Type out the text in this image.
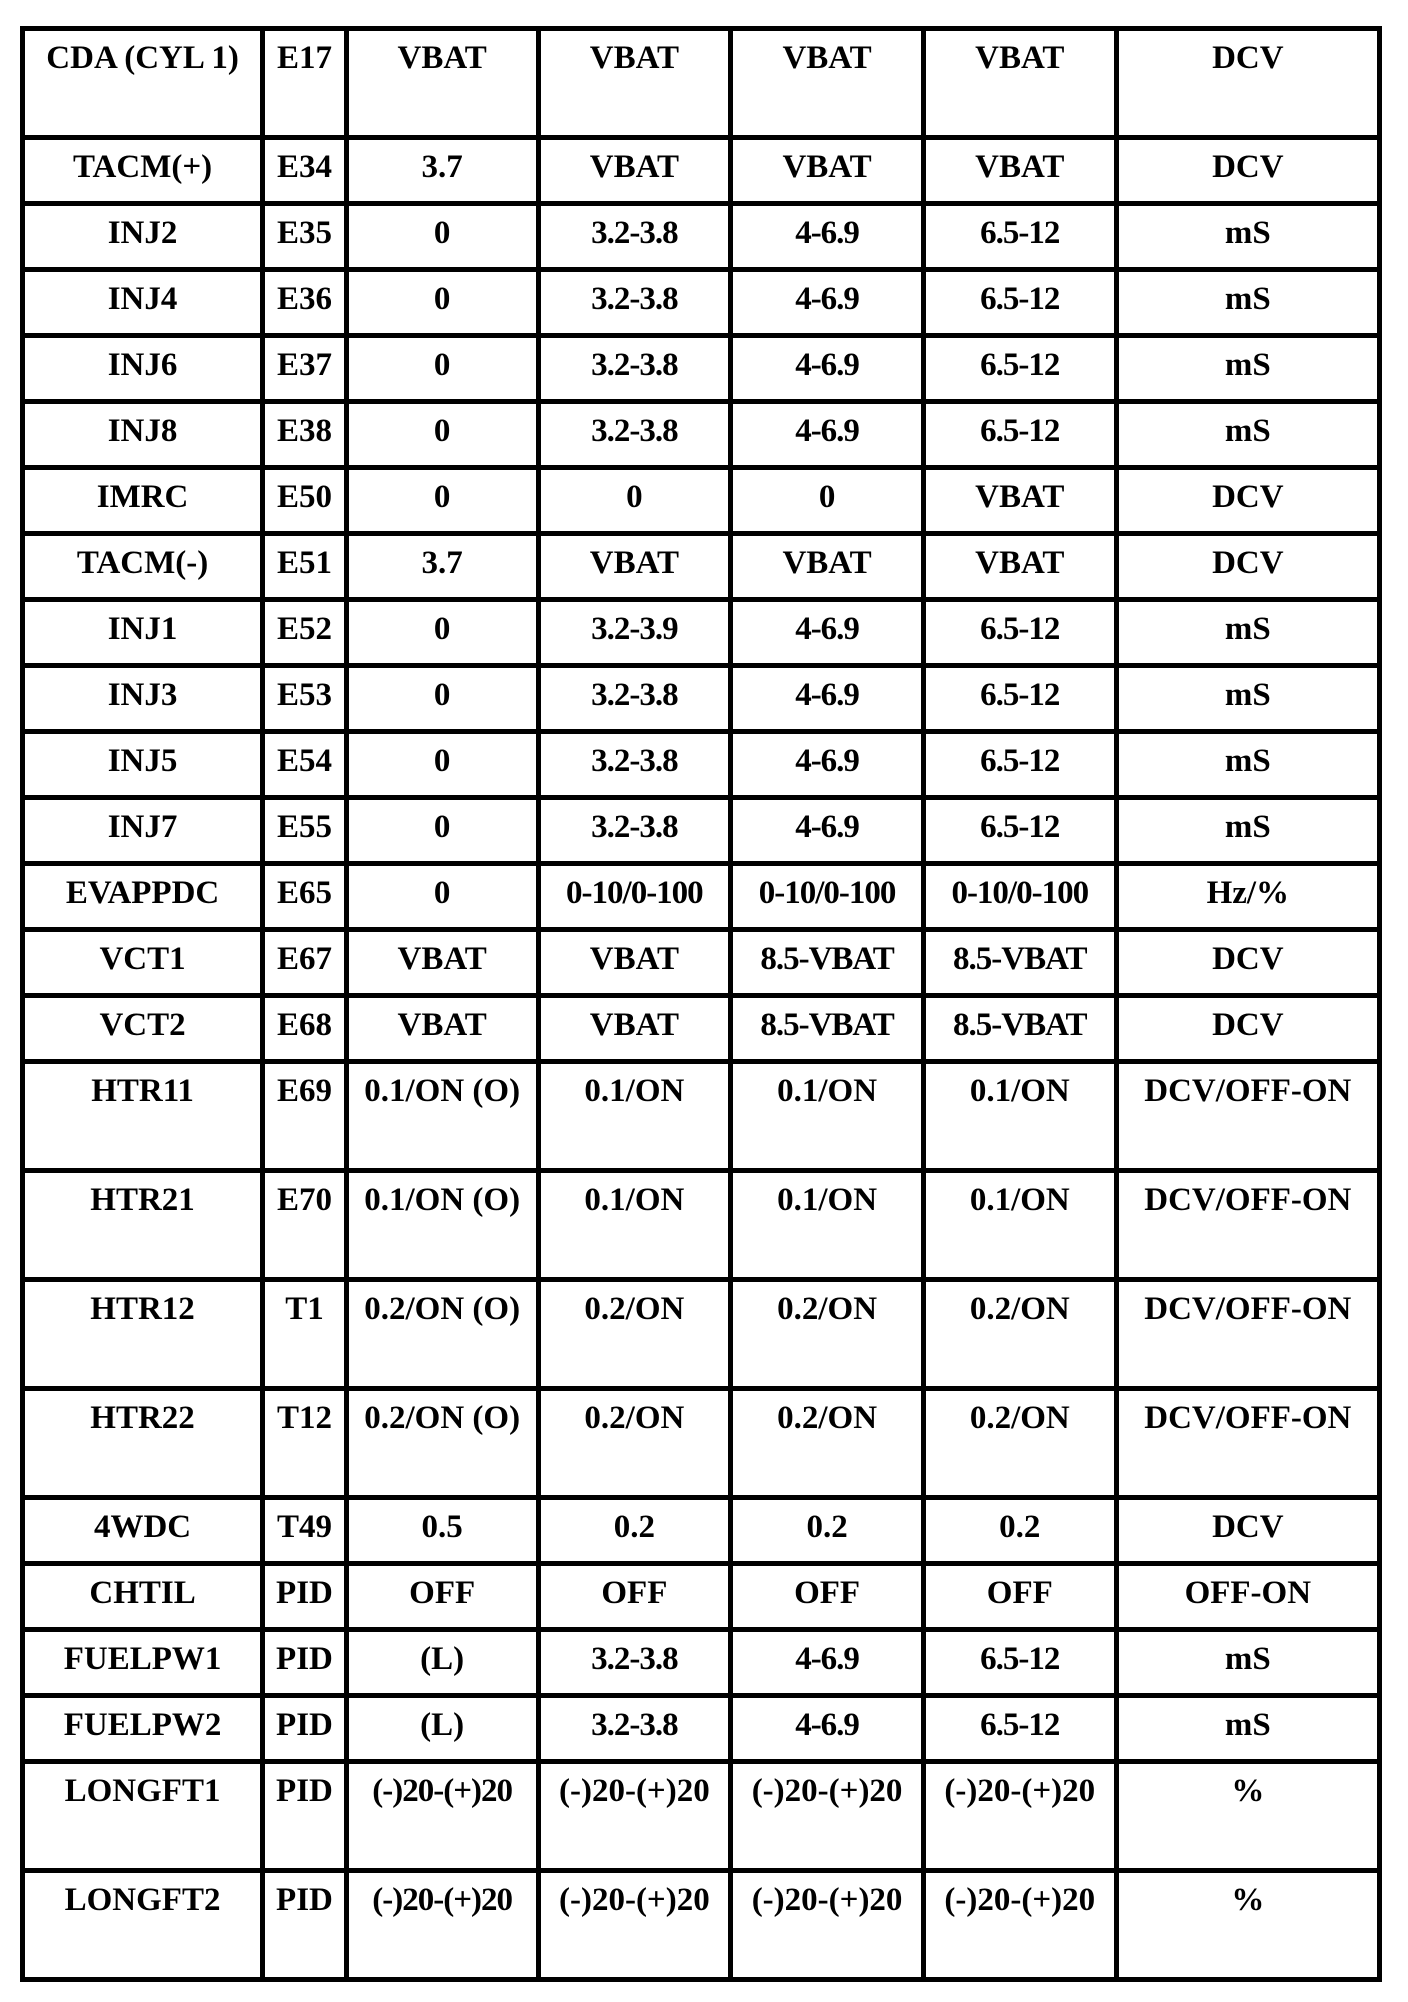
CDA (CYL 1)	E17	VBAT	VBAT	VBAT	VBAT	DCV
TACM(+)	E34	3.7	VBAT	VBAT	VBAT	DCV
INJ2	E35	0	3.2-3.8	4-6.9	6.5-12	mS
INJ4	E36	0	3.2-3.8	4-6.9	6.5-12	mS
INJ6	E37	0	3.2-3.8	4-6.9	6.5-12	mS
INJ8	E38	0	3.2-3.8	4-6.9	6.5-12	mS
IMRC	E50	0	0	0	VBAT	DCV
TACM(-)	E51	3.7	VBAT	VBAT	VBAT	DCV
INJ1	E52	0	3.2-3.9	4-6.9	6.5-12	mS
INJ3	E53	0	3.2-3.8	4-6.9	6.5-12	mS
INJ5	E54	0	3.2-3.8	4-6.9	6.5-12	mS
INJ7	E55	0	3.2-3.8	4-6.9	6.5-12	mS
EVAPPDC	E65	0	0-10/0-100	0-10/0-100	0-10/0-100	Hz/%
VCT1	E67	VBAT	VBAT	8.5-VBAT	8.5-VBAT	DCV
VCT2	E68	VBAT	VBAT	8.5-VBAT	8.5-VBAT	DCV
HTR11	E69	0.1/ON (O)	0.1/ON	0.1/ON	0.1/ON	DCV/OFF-ON
HTR21	E70	0.1/ON (O)	0.1/ON	0.1/ON	0.1/ON	DCV/OFF-ON
HTR12	T1	0.2/ON (O)	0.2/ON	0.2/ON	0.2/ON	DCV/OFF-ON
HTR22	T12	0.2/ON (O)	0.2/ON	0.2/ON	0.2/ON	DCV/OFF-ON
4WDC	T49	0.5	0.2	0.2	0.2	DCV
CHTIL	PID	OFF	OFF	OFF	OFF	OFF-ON
FUELPW1	PID	(L)	3.2-3.8	4-6.9	6.5-12	mS
FUELPW2	PID	(L)	3.2-3.8	4-6.9	6.5-12	mS
LONGFT1	PID	(-)20-(+)20	(-)20-(+)20	(-)20-(+)20	(-)20-(+)20	%
LONGFT2	PID	(-)20-(+)20	(-)20-(+)20	(-)20-(+)20	(-)20-(+)20	%
